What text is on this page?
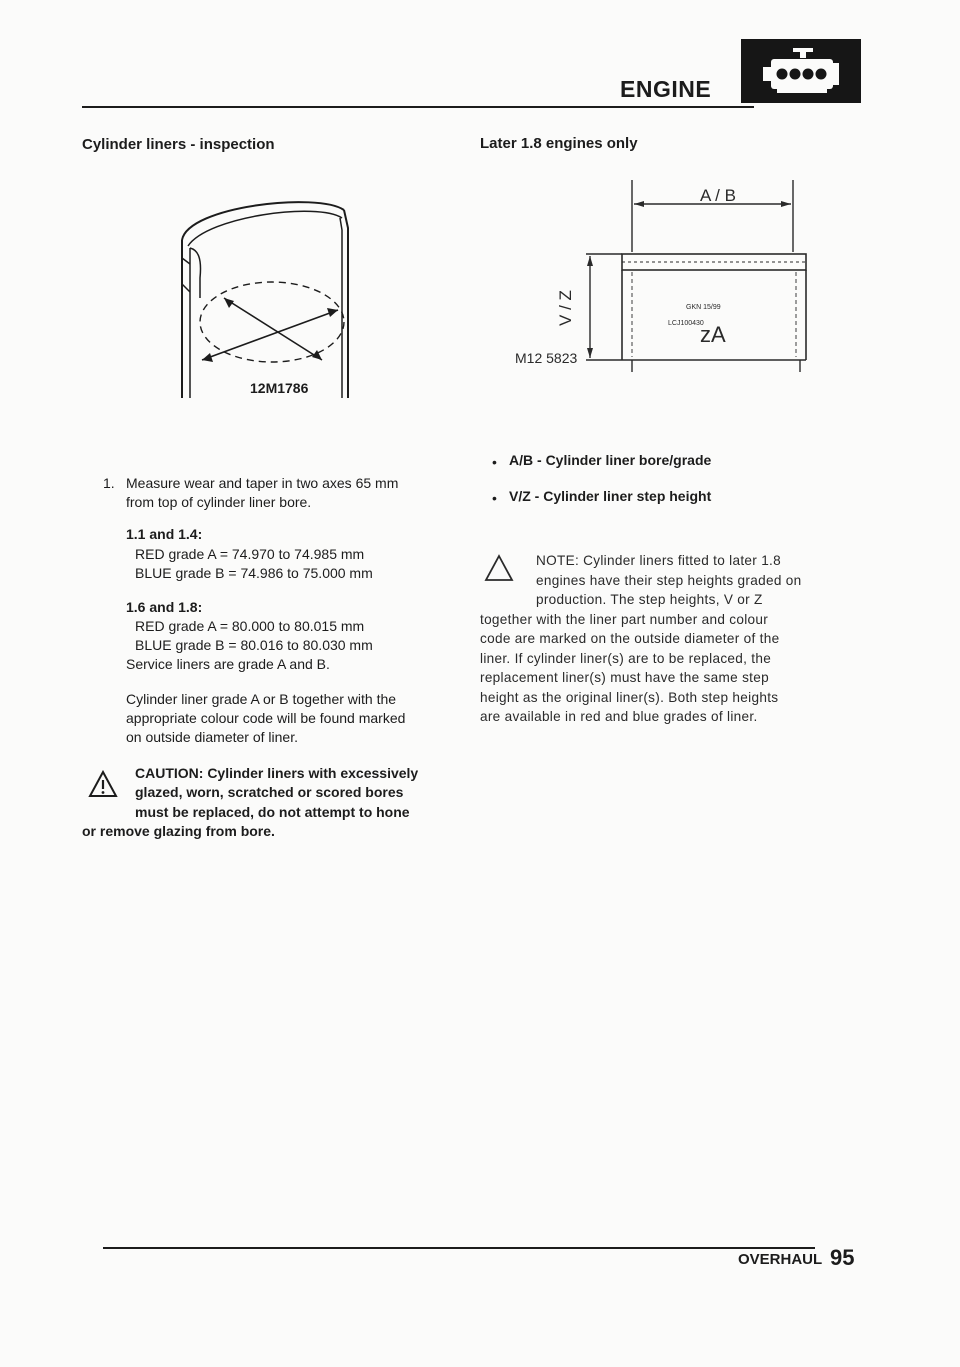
ENGINE
Cylinder liners - inspection
12M1786
1. Measure wear and taper in two axes 65 mm
from top of cylinder liner bore.
1.1 and 1.4:
RED grade A = 74.970 to 74.985 mm
BLUE grade B = 74.986 to 75.000 mm
1.6 and 1.8:
RED grade A = 80.000 to 80.015 mm
BLUE grade B = 80.016 to 80.030 mm
Service liners are grade A and B.
Cylinder liner grade A or B together with the
appropriate colour code will be found marked
on outside diameter of liner.
CAUTION: Cylinder liners with excessively
glazed, worn, scratched or scored bores
must be replaced, do not attempt to hone
or remove glazing from bore.
Later 1.8 engines only
A / B
V / Z	GKN 15/99
LCJ100430
zA
M12 5823
• A/B - Cylinder liner bore/grade
• V/Z - Cylinder liner step height
NOTE: Cylinder liners fitted to later 1.8
engines have their step heights graded on
production. The step heights, V or Z
together with the liner part number and colour
code are marked on the outside diameter of the
liner. If cylinder liner(s) are to be replaced, the
replacement liner(s) must have the same step
height as the original liner(s). Both step heights
are available in red and blue grades of liner.
OVERHAUL 95
